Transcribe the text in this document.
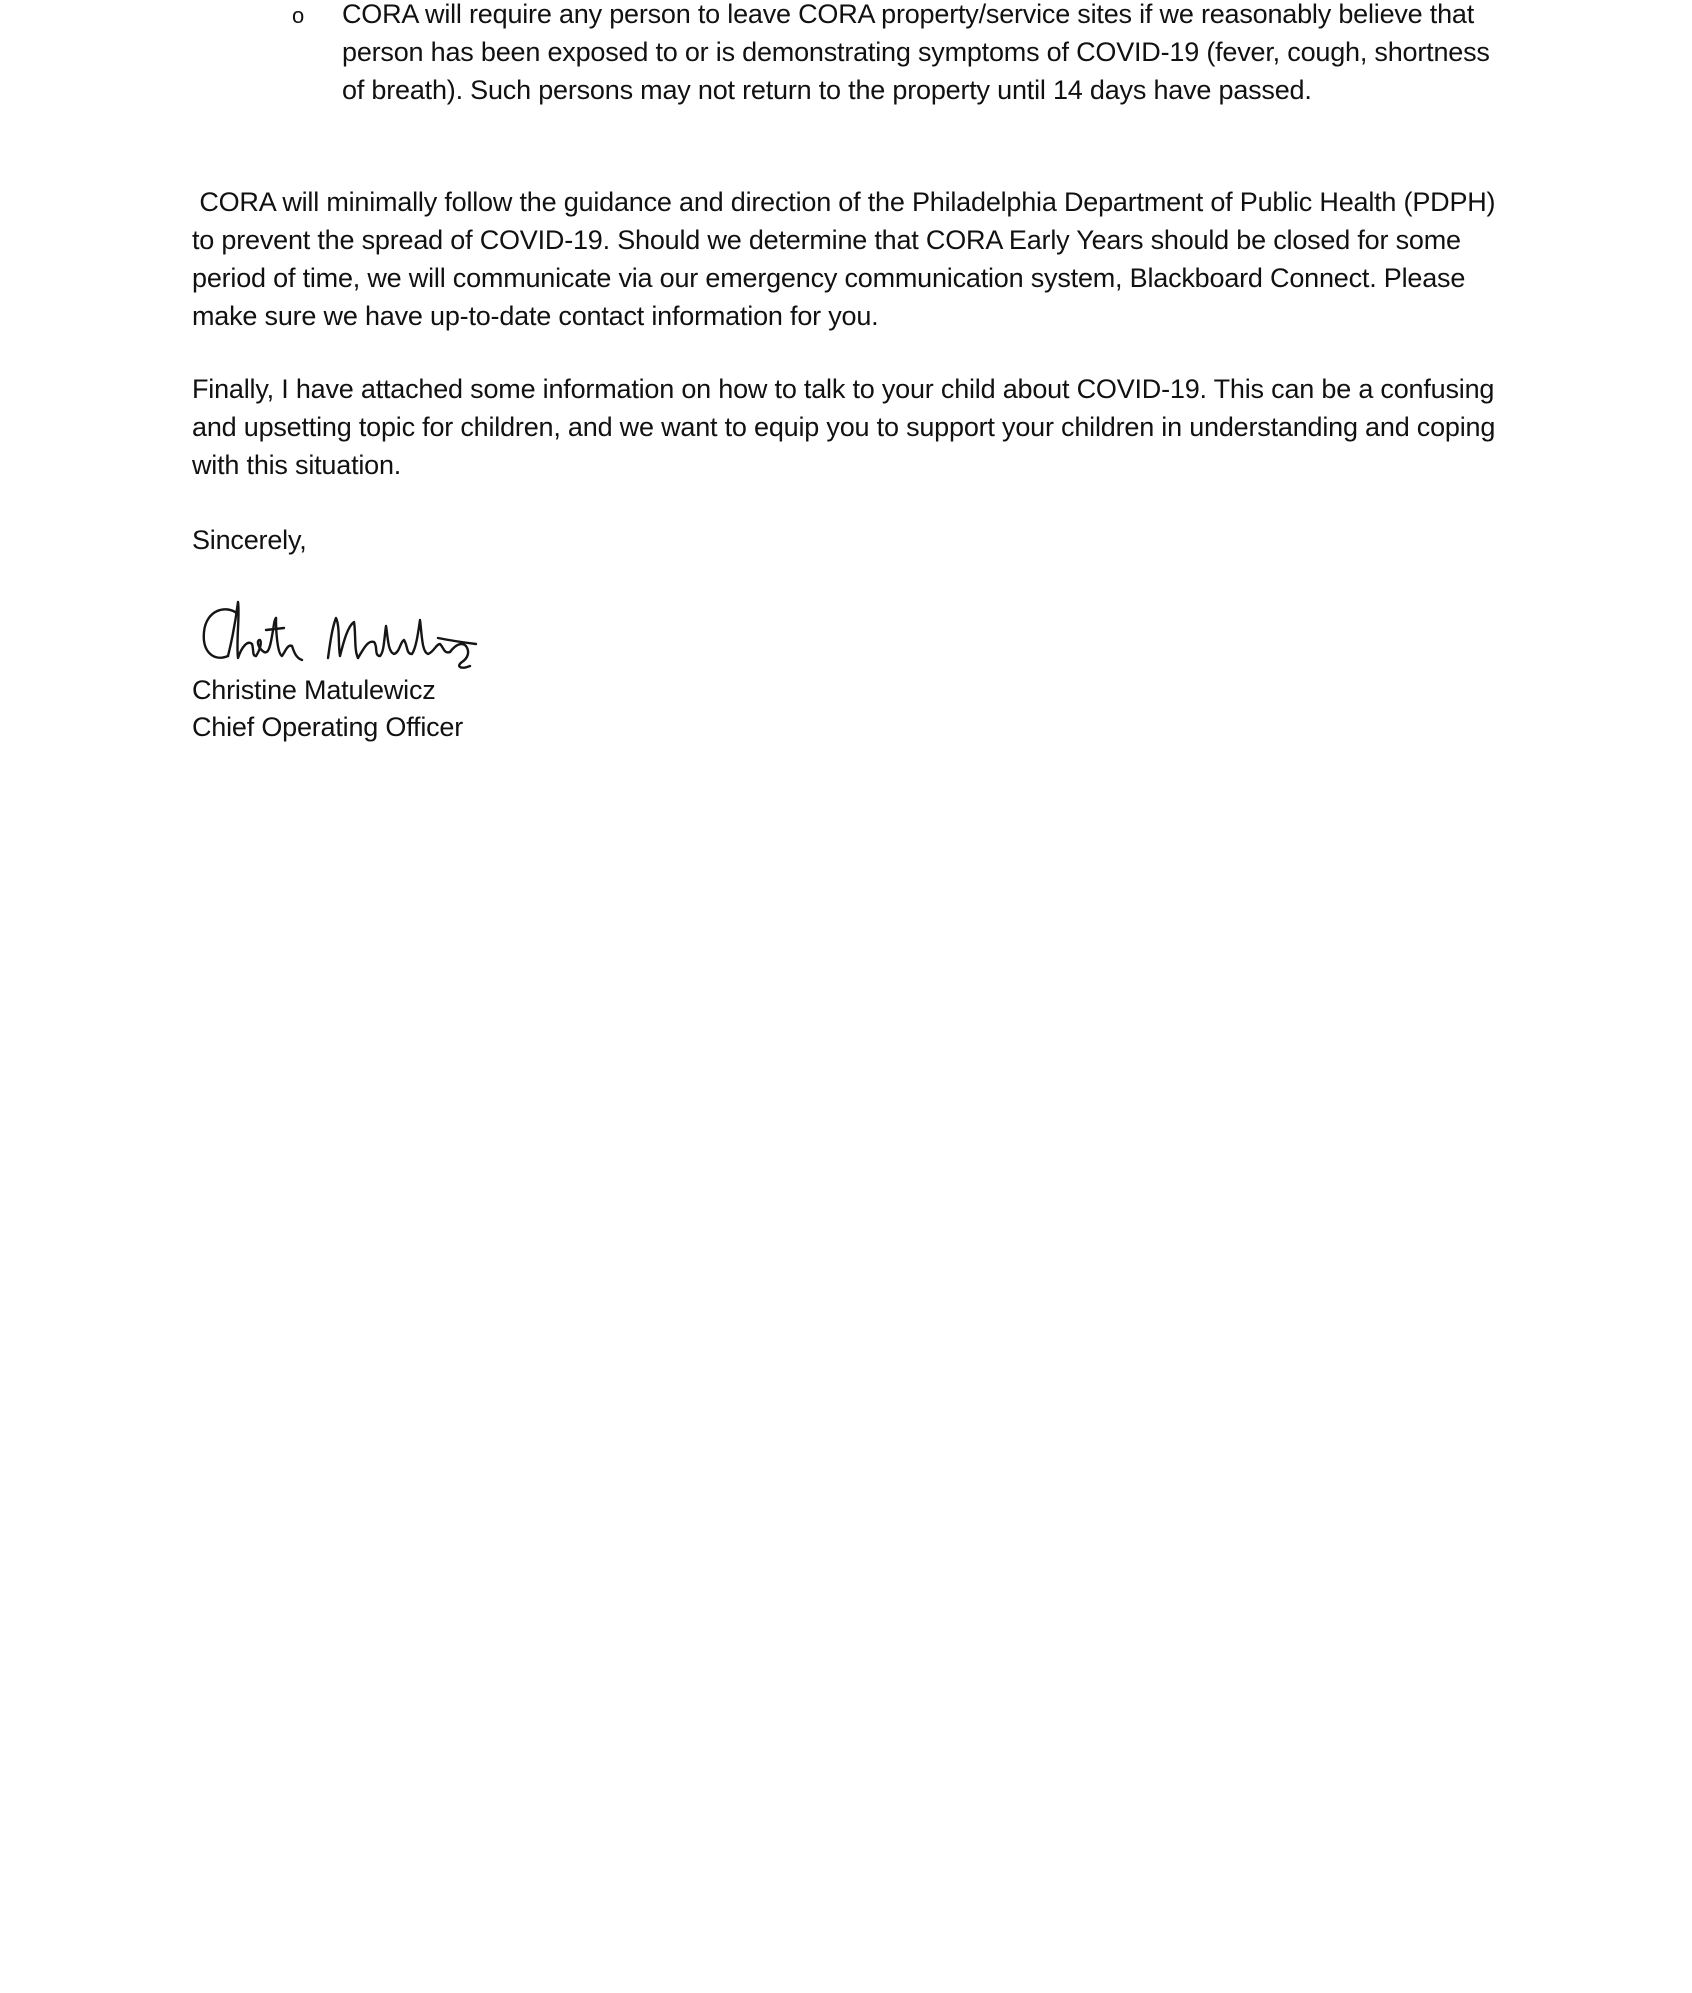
o CORA will require any person to leave CORA property/service sites if we reasonably believe that person has been exposed to or is demonstrating symptoms of COVID-19 (fever, cough, shortness of breath). Such persons may not return to the property until 14 days have passed.

CORA will minimally follow the guidance and direction of the Philadelphia Department of Public Health (PDPH) to prevent the spread of COVID-19. Should we determine that CORA Early Years should be closed for some period of time, we will communicate via our emergency communication system, Blackboard Connect. Please make sure we have up-to-date contact information for you.

Finally, I have attached some information on how to talk to your child about COVID-19. This can be a confusing and upsetting topic for children, and we want to equip you to support your children in understanding and coping with this situation.

Sincerely,

Christine Matulewicz
Chief Operating Officer
